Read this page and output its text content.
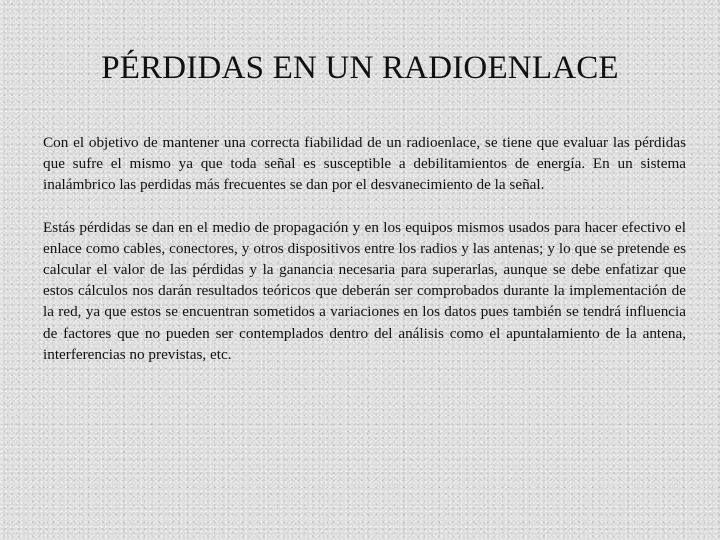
PÉRDIDAS EN UN RADIOENLACE

Con el objetivo de mantener una correcta fiabilidad de un radioenlace, se tiene que evaluar las pérdidas que sufre el mismo ya que toda señal es susceptible a debilitamientos de energía. En un sistema inalámbrico las perdidas más frecuentes se dan por el desvanecimiento de la señal.

Estás pérdidas se dan en el medio de propagación y en los equipos mismos usados para hacer efectivo el enlace como cables, conectores, y otros dispositivos entre los radios y las antenas; y lo que se pretende es calcular el valor de las pérdidas y la ganancia necesaria para superarlas, aunque se debe enfatizar que estos cálculos nos darán resultados teóricos que deberán ser comprobados durante la implementación de la red, ya que estos se encuentran sometidos a variaciones en los datos pues también se tendrá influencia de factores que no pueden ser contemplados dentro del análisis como el apuntalamiento de la antena, interferencias no previstas, etc.
